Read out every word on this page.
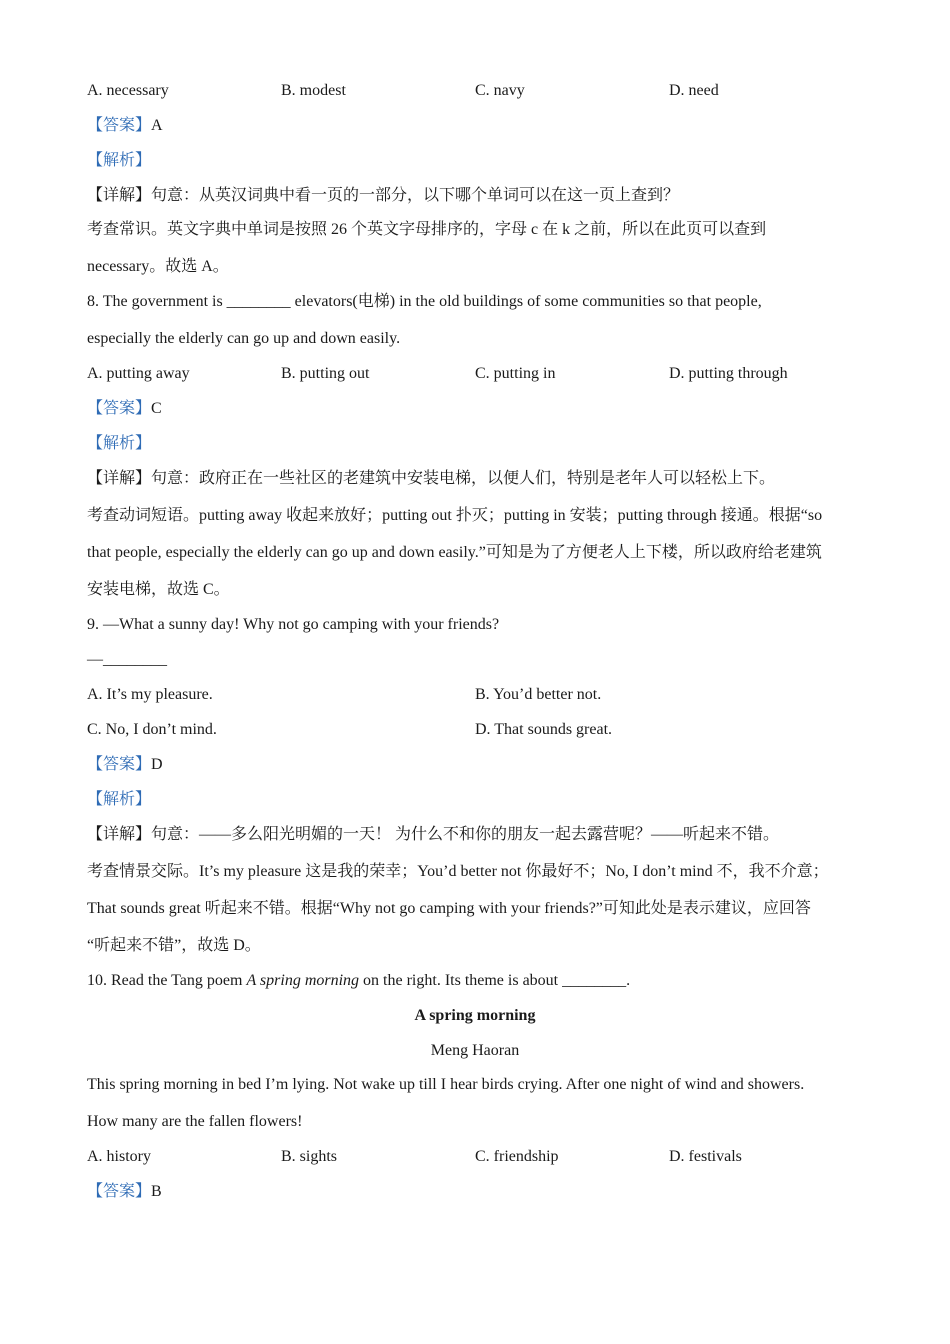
A. necessary	B. modest	C. navy	D. need
【答案】A
【解析】
【详解】句意：从英汉词典中看一页的一部分，以下哪个单词可以在这一页上查到？
考查常识。英文字典中单词是按照 26 个英文字母排序的，字母 c 在 k 之前，所以在此页可以查到
necessary。故选 A。
8. The government is ________ elevators(电梯) in the old buildings of some communities so that people,
especially the elderly can go up and down easily.
A. putting away	B. putting out	C. putting in	D. putting through
【答案】C
【解析】
【详解】句意：政府正在一些社区的老建筑中安装电梯，以便人们，特别是老年人可以轻松上下。
考查动词短语。putting away 收起来放好；putting out 扑灭；putting in 安装；putting through 接通。根据“so
that people, especially the elderly can go up and down easily.”可知是为了方便老人上下楼，所以政府给老建筑
安装电梯，故选 C。
9. —What a sunny day! Why not go camping with your friends?
—________
A. It’s my pleasure.	B. You’d better not.
C. No, I don’t mind.	D. That sounds great.
【答案】D
【解析】
【详解】句意：——多么阳光明媚的一天！ 为什么不和你的朋友一起去露营呢？——听起来不错。
考查情景交际。It’s my pleasure 这是我的荣幸；You’d better not 你最好不；No, I don’t mind 不，我不介意；
That sounds great 听起来不错。根据“Why not go camping with your friends?”可知此处是表示建议，应回答
“听起来不错”，故选 D。
10. Read the Tang poem A spring morning on the right. Its theme is about ________.
A spring morning
Meng Haoran
This spring morning in bed I’m lying. Not wake up till I hear birds crying. After one night of wind and showers.
How many are the fallen flowers!
A. history	B. sights	C. friendship	D. festivals
【答案】B
